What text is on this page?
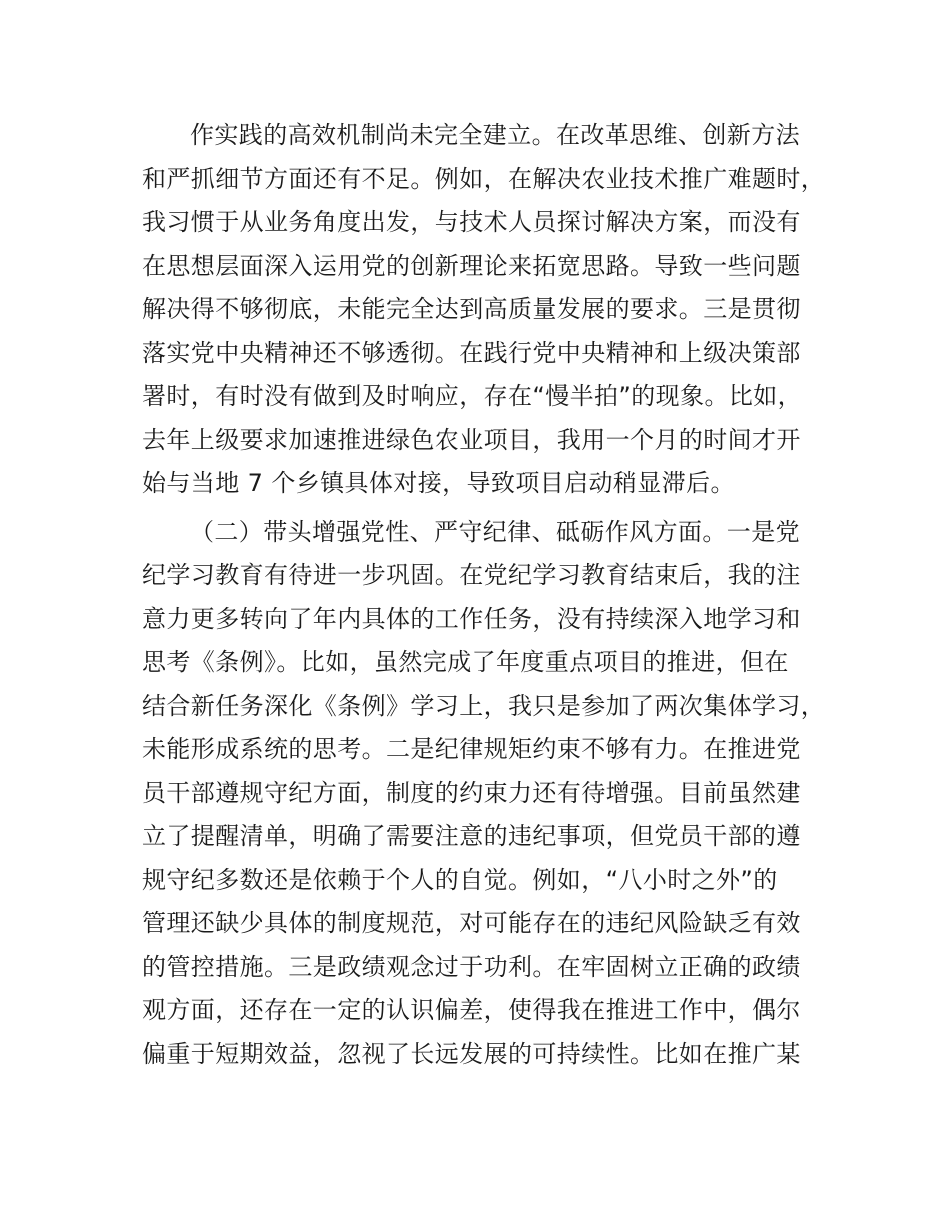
作实践的高效机制尚未完全建立。在改革思维、创新方法
和严抓细节方面还有不足。例如，在解决农业技术推广难题时，
我习惯于从业务角度出发，与技术人员探讨解决方案，而没有
在思想层面深入运用党的创新理论来拓宽思路。导致一些问题
解决得不够彻底，未能完全达到高质量发展的要求。三是贯彻
落实党中央精神还不够透彻。在践行党中央精神和上级决策部
署时，有时没有做到及时响应，存在“慢半拍”的现象。比如，
去年上级要求加速推进绿色农业项目，我用一个月的时间才开
始与当地 7 个乡镇具体对接，导致项目启动稍显滞后。
（二）带头增强党性、严守纪律、砥砺作风方面。一是党
纪学习教育有待进一步巩固。在党纪学习教育结束后，我的注
意力更多转向了年内具体的工作任务，没有持续深入地学习和
思考《条例》。比如，虽然完成了年度重点项目的推进，但在
结合新任务深化《条例》学习上，我只是参加了两次集体学习，
未能形成系统的思考。二是纪律规矩约束不够有力。在推进党
员干部遵规守纪方面，制度的约束力还有待增强。目前虽然建
立了提醒清单，明确了需要注意的违纪事项，但党员干部的遵
规守纪多数还是依赖于个人的自觉。例如，“八小时之外”的
管理还缺少具体的制度规范，对可能存在的违纪风险缺乏有效
的管控措施。三是政绩观念过于功利。在牢固树立正确的政绩
观方面，还存在一定的认识偏差，使得我在推进工作中，偶尔
偏重于短期效益，忽视了长远发展的可持续性。比如在推广某
